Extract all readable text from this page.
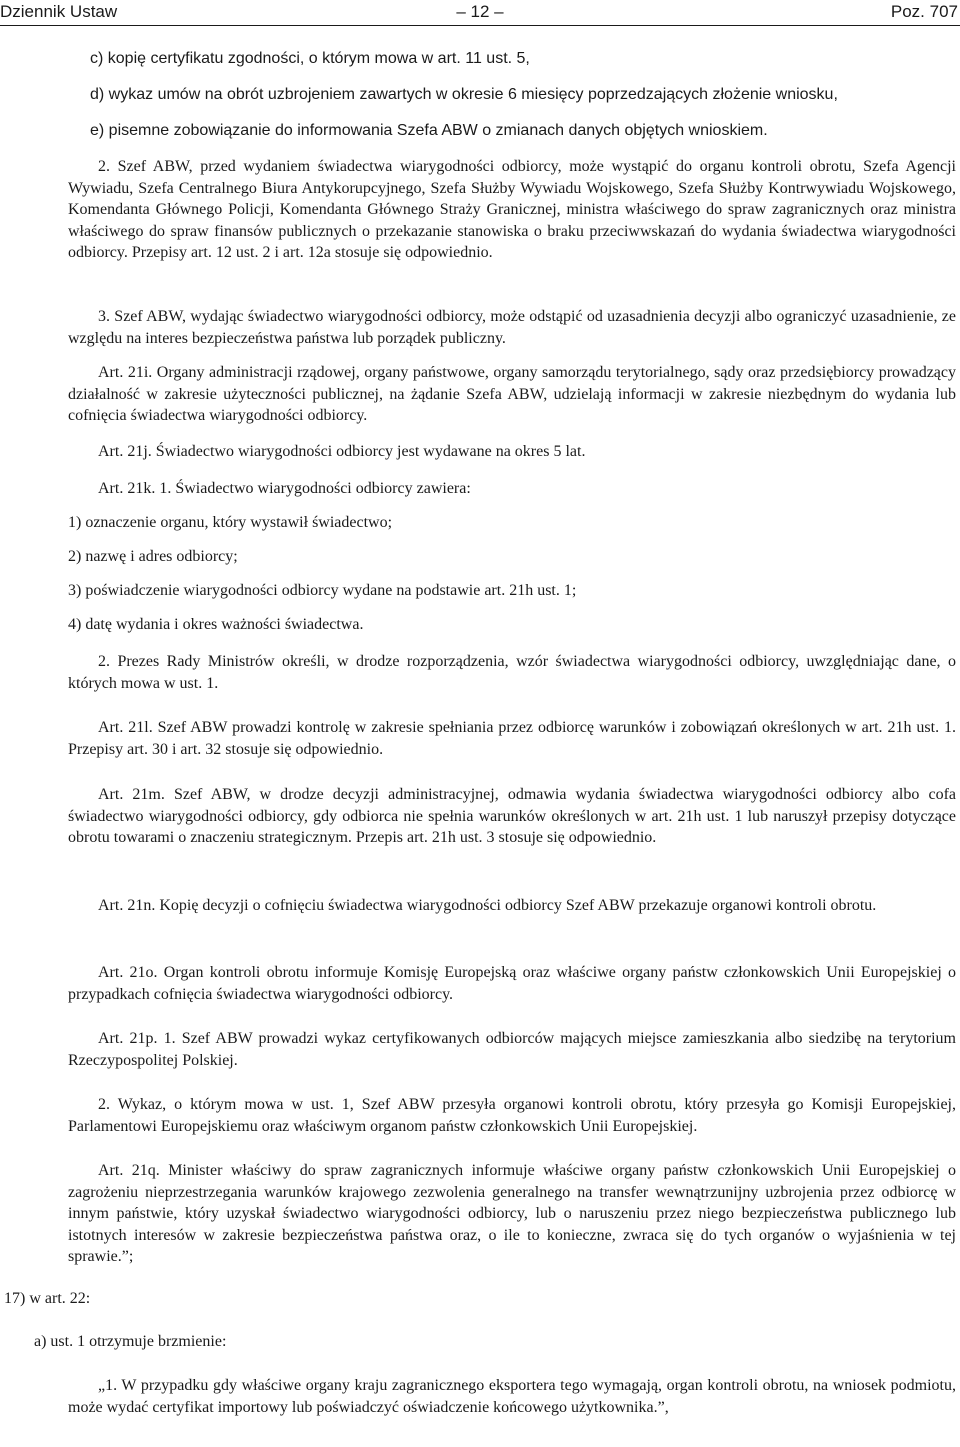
Dziennik Ustaw	– 12 –	Poz. 707

c) kopię certyfikatu zgodności, o którym mowa w art. 11 ust. 5,

d) wykaz umów na obrót uzbrojeniem zawartych w okresie 6 miesięcy poprzedzających złożenie wniosku,

e) pisemne zobowiązanie do informowania Szefa ABW o zmianach danych objętych wnioskiem.

2. Szef ABW, przed wydaniem świadectwa wiarygodności odbiorcy, może wystąpić do organu kontroli obrotu, Szefa Agencji Wywiadu, Szefa Centralnego Biura Antykorupcyjnego, Szefa Służby Wywiadu Wojskowego, Szefa Służby Kontrwywiadu Wojskowego, Komendanta Głównego Policji, Komendanta Głównego Straży Granicznej, ministra właściwego do spraw zagranicznych oraz ministra właściwego do spraw finansów publicznych o przekazanie stanowiska o braku przeciwwskazań do wydania świadectwa wiarygodności odbiorcy. Przepisy art. 12 ust. 2 i art. 12a stosuje się odpowiednio.

3. Szef ABW, wydając świadectwo wiarygodności odbiorcy, może odstąpić od uzasadnienia decyzji albo ograniczyć uzasadnienie, ze względu na interes bezpieczeństwa państwa lub porządek publiczny.

Art. 21i. Organy administracji rządowej, organy państwowe, organy samorządu terytorialnego, sądy oraz przedsiębiorcy prowadzący działalność w zakresie użyteczności publicznej, na żądanie Szefa ABW, udzielają informacji w zakresie niezbędnym do wydania lub cofnięcia świadectwa wiarygodności odbiorcy.

Art. 21j. Świadectwo wiarygodności odbiorcy jest wydawane na okres 5 lat.

Art. 21k. 1. Świadectwo wiarygodności odbiorcy zawiera:

1) oznaczenie organu, który wystawił świadectwo;

2) nazwę i adres odbiorcy;

3) poświadczenie wiarygodności odbiorcy wydane na podstawie art. 21h ust. 1;

4) datę wydania i okres ważności świadectwa.

2. Prezes Rady Ministrów określi, w drodze rozporządzenia, wzór świadectwa wiarygodności odbiorcy, uwzględniając dane, o których mowa w ust. 1.

Art. 21l. Szef ABW prowadzi kontrolę w zakresie spełniania przez odbiorcę warunków i zobowiązań określonych w art. 21h ust. 1. Przepisy art. 30 i art. 32 stosuje się odpowiednio.

Art. 21m. Szef ABW, w drodze decyzji administracyjnej, odmawia wydania świadectwa wiarygodności odbiorcy albo cofa świadectwo wiarygodności odbiorcy, gdy odbiorca nie spełnia warunków określonych w art. 21h ust. 1 lub naruszył przepisy dotyczące obrotu towarami o znaczeniu strategicznym. Przepis art. 21h ust. 3 stosuje się odpowiednio.

Art. 21n. Kopię decyzji o cofnięciu świadectwa wiarygodności odbiorcy Szef ABW przekazuje organowi kontroli obrotu.

Art. 21o. Organ kontroli obrotu informuje Komisję Europejską oraz właściwe organy państw członkowskich Unii Europejskiej o przypadkach cofnięcia świadectwa wiarygodności odbiorcy.

Art. 21p. 1. Szef ABW prowadzi wykaz certyfikowanych odbiorców mających miejsce zamieszkania albo siedzibę na terytorium Rzeczypospolitej Polskiej.

2. Wykaz, o którym mowa w ust. 1, Szef ABW przesyła organowi kontroli obrotu, który przesyła go Komisji Europejskiej, Parlamentowi Europejskiemu oraz właściwym organom państw członkowskich Unii Europejskiej.

Art. 21q. Minister właściwy do spraw zagranicznych informuje właściwe organy państw członkowskich Unii Europejskiej o zagrożeniu nieprzestrzegania warunków krajowego zezwolenia generalnego na transfer wewnątrzunijny uzbrojenia przez odbiorcę w innym państwie, który uzyskał świadectwo wiarygodności odbiorcy, lub o naruszeniu przez niego bezpieczeństwa publicznego lub istotnych interesów w zakresie bezpieczeństwa państwa oraz, o ile to konieczne, zwraca się do tych organów o wyjaśnienia w tej sprawie.”;

17) w art. 22:

a) ust. 1 otrzymuje brzmienie:

„1. W przypadku gdy właściwe organy kraju zagranicznego eksportera tego wymagają, organ kontroli obrotu, na wniosek podmiotu, może wydać certyfikat importowy lub poświadczyć oświadczenie końcowego użytkownika.”,
